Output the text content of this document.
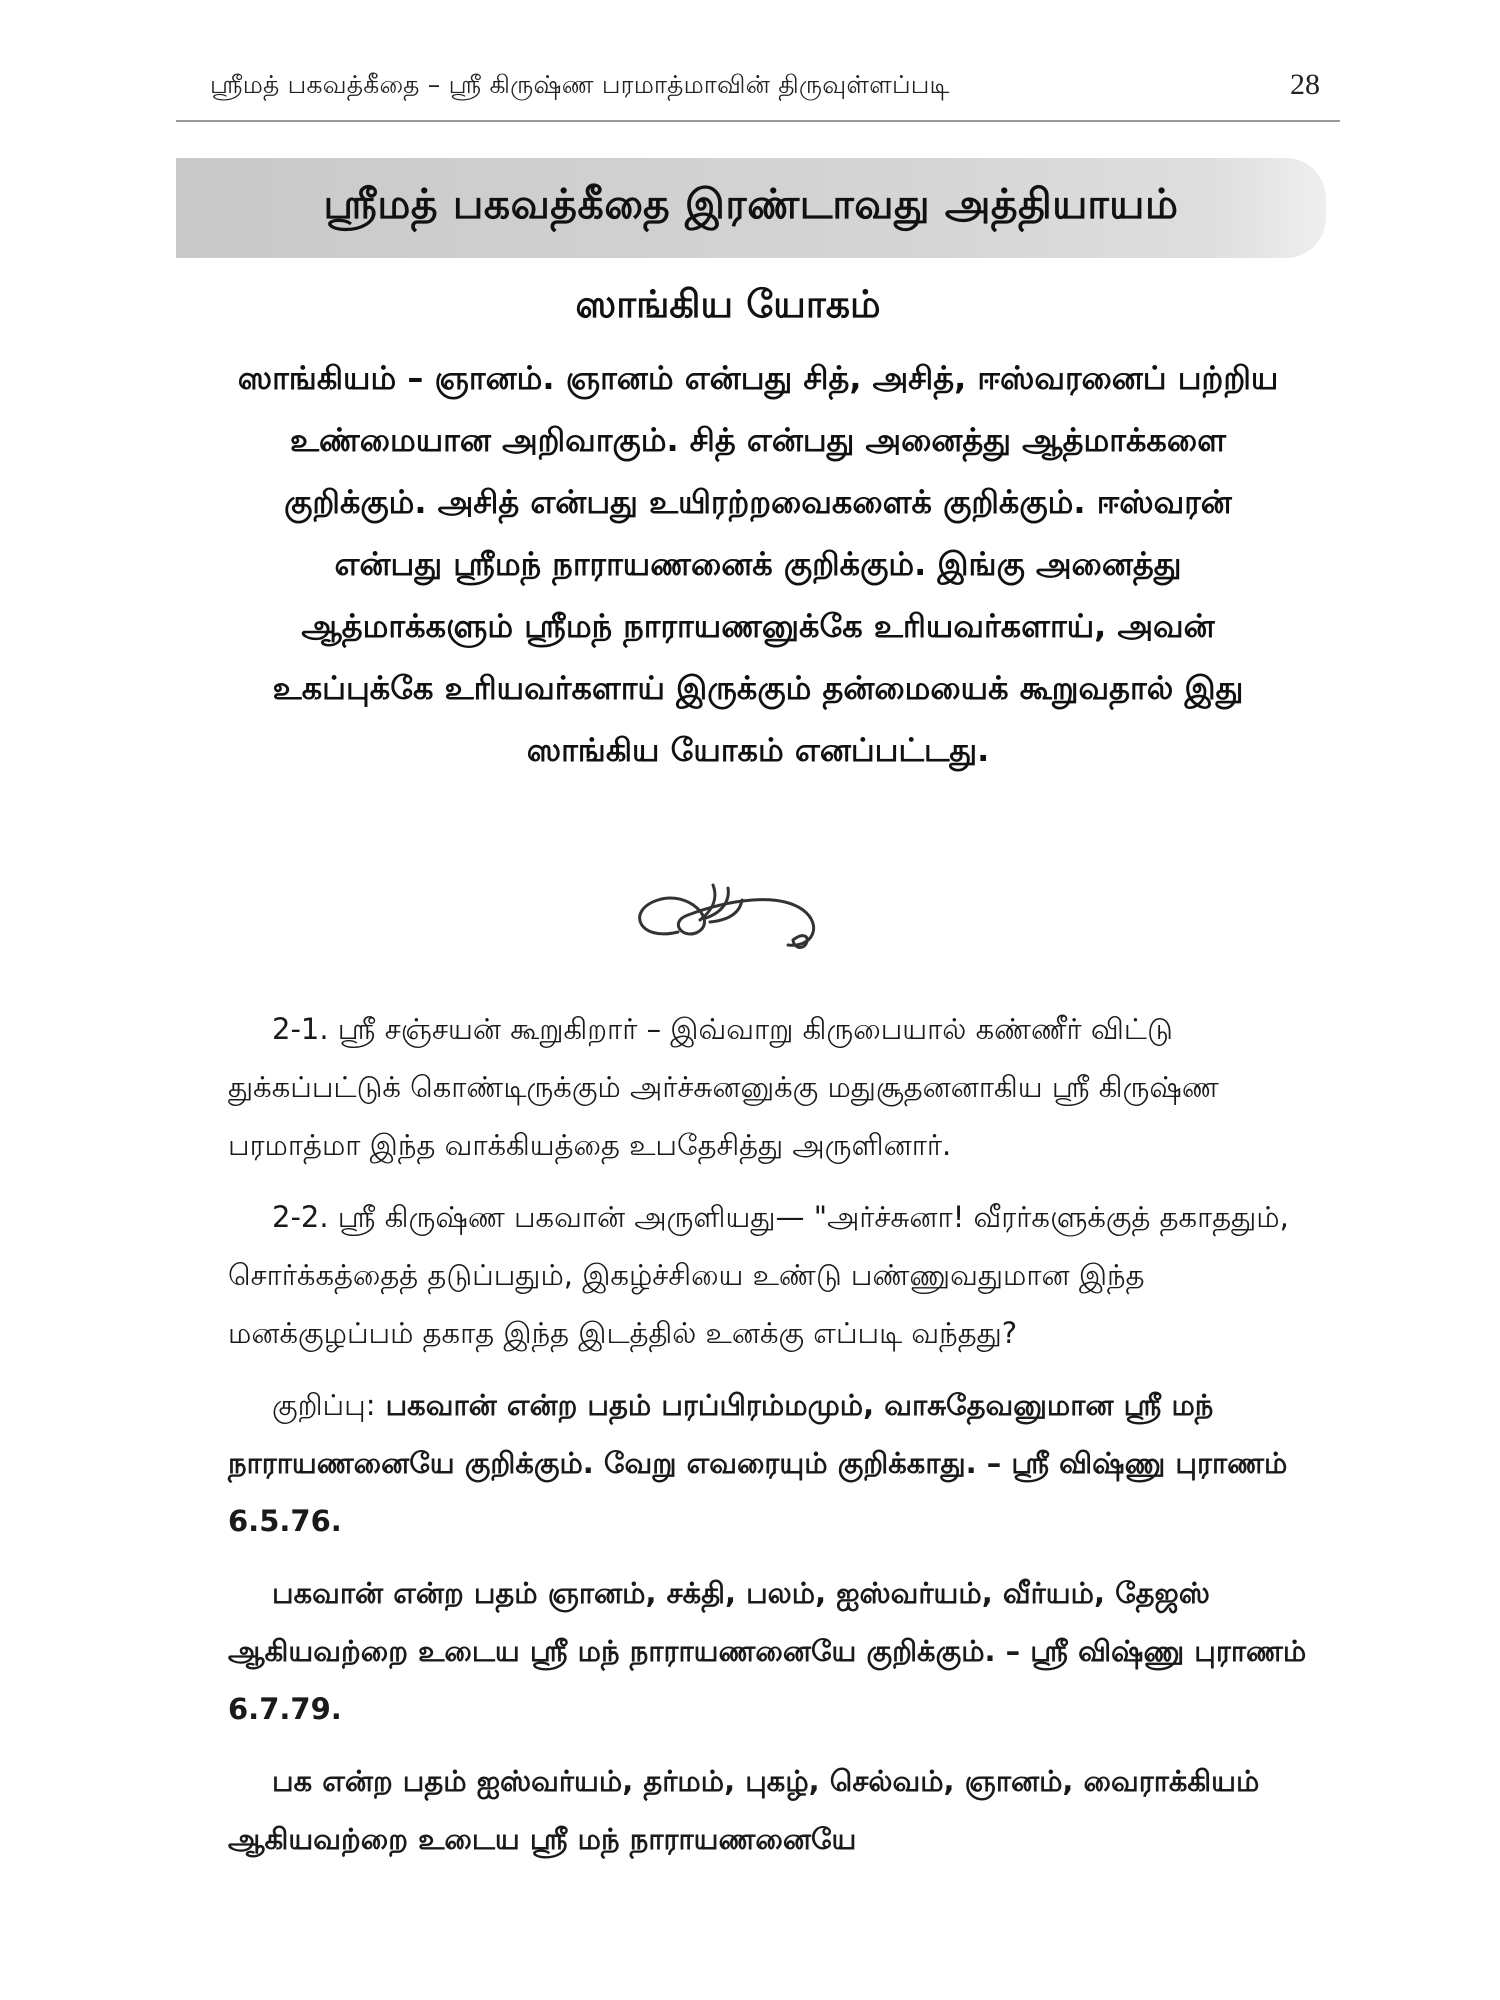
ஸ்ரீமத் பகவத்கீதை – ஸ்ரீ கிருஷ்ண பரமாத்மாவின் திருவுள்ளப்படி	28
ஸ்ரீமத் பகவத்கீதை இரண்டாவது அத்தியாயம்
ஸாங்கிய யோகம்
ஸாங்கியம் – ஞானம். ஞானம் என்பது சித், அசித், ஈஸ்வரனைப் பற்றிய உண்மையான அறிவாகும். சித் என்பது அனைத்து ஆத்மாக்களை குறிக்கும். அசித் என்பது உயிரற்றவைகளைக் குறிக்கும். ஈஸ்வரன் என்பது ஸ்ரீமந் நாராயணனைக் குறிக்கும். இங்கு அனைத்து ஆத்மாக்களும் ஸ்ரீமந் நாராயணனுக்கே உரியவர்களாய், அவன் உகப்புக்கே உரியவர்களாய் இருக்கும் தன்மையைக் கூறுவதால் இது ஸாங்கிய யோகம் எனப்பட்டது.

2-1. ஸ்ரீ சஞ்சயன் கூறுகிறார் – இவ்வாறு கிருபையால் கண்ணீர் விட்டு துக்கப்பட்டுக் கொண்டிருக்கும் அர்ச்சுனனுக்கு மதுசூதனனாகிய ஸ்ரீ கிருஷ்ண பரமாத்மா இந்த வாக்கியத்தை உபதேசித்து அருளினார்.

2-2. ஸ்ரீ கிருஷ்ண பகவான் அருளியது— "அர்ச்சுனா! வீரர்களுக்குத் தகாததும், சொர்க்கத்தைத் தடுப்பதும், இகழ்ச்சியை உண்டு பண்ணுவதுமான இந்த மனக்குழப்பம் தகாத இந்த இடத்தில் உனக்கு எப்படி வந்தது?

குறிப்பு: பகவான் என்ற பதம் பரப்பிரம்மமும், வாசுதேவனுமான ஸ்ரீ மந் நாராயணனையே குறிக்கும். வேறு எவரையும் குறிக்காது. – ஸ்ரீ விஷ்ணு புராணம் 6.5.76.

பகவான் என்ற பதம் ஞானம், சக்தி, பலம், ஐஸ்வர்யம், வீர்யம், தேஜஸ் ஆகியவற்றை உடைய ஸ்ரீ மந் நாராயணனையே குறிக்கும். – ஸ்ரீ விஷ்ணு புராணம் 6.7.79.

பக என்ற பதம் ஐஸ்வர்யம், தர்மம், புகழ், செல்வம், ஞானம், வைராக்கியம் ஆகியவற்றை உடைய ஸ்ரீ மந் நாராயணனையே
